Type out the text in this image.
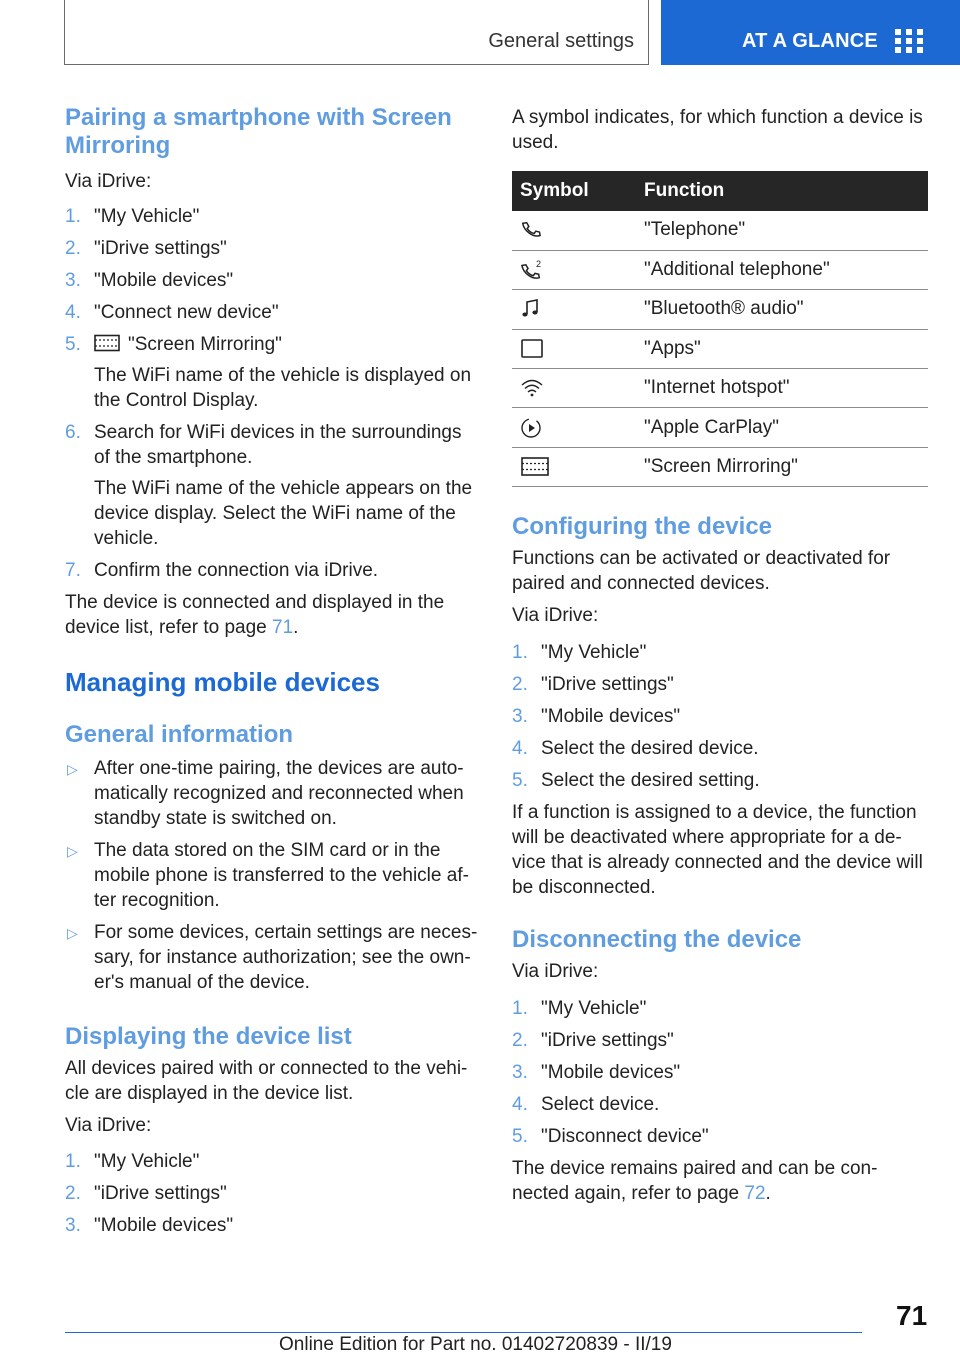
General settings	AT A GLANCE
Pairing a smartphone with Screen Mirroring

Via iDrive:

1. "My Vehicle"
2. "iDrive settings"
3. "Mobile devices"
4. "Connect new device"
5. "Screen Mirroring"
The WiFi name of the vehicle is displayed on the Control Display.
6. Search for WiFi devices in the surroundings of the smartphone.
The WiFi name of the vehicle appears on the device display. Select the WiFi name of the vehicle.
7. Confirm the connection via iDrive.

The device is connected and displayed in the device list, refer to page 71.

Managing mobile devices
General information
▷ After one-time pairing, the devices are auto-matically recognized and reconnected when standby state is switched on.
▷ The data stored on the SIM card or in the mobile phone is transferred to the vehicle af-ter recognition.
▷ For some devices, certain settings are neces-sary, for instance authorization; see the own-er's manual of the device.
Displaying the device list

All devices paired with or connected to the vehi-cle are displayed in the device list.

Via iDrive:

1. "My Vehicle"
2. "iDrive settings"
3. "Mobile devices"

A symbol indicates, for which function a device is used.

Symbol	Function

	"Telephone"

2	"Additional telephone"

	"Bluetooth® audio"

	"Apps"

	"Internet hotspot"

	"Apple CarPlay"

	"Screen Mirroring"
Configuring the device

Functions can be activated or deactivated for paired and connected devices.

Via iDrive:

1. "My Vehicle"
2. "iDrive settings"
3. "Mobile devices"
4. Select the desired device.
5. Select the desired setting.

If a function is assigned to a device, the function will be deactivated where appropriate for a de-vice that is already connected and the device will be disconnected.

Disconnecting the device

Via iDrive:

1. "My Vehicle"
2. "iDrive settings"
3. "Mobile devices"
4. Select device.
5. "Disconnect device"

The device remains paired and can be con-nected again, refer to page 72.

71
Online Edition for Part no. 01402720839 - II/19
